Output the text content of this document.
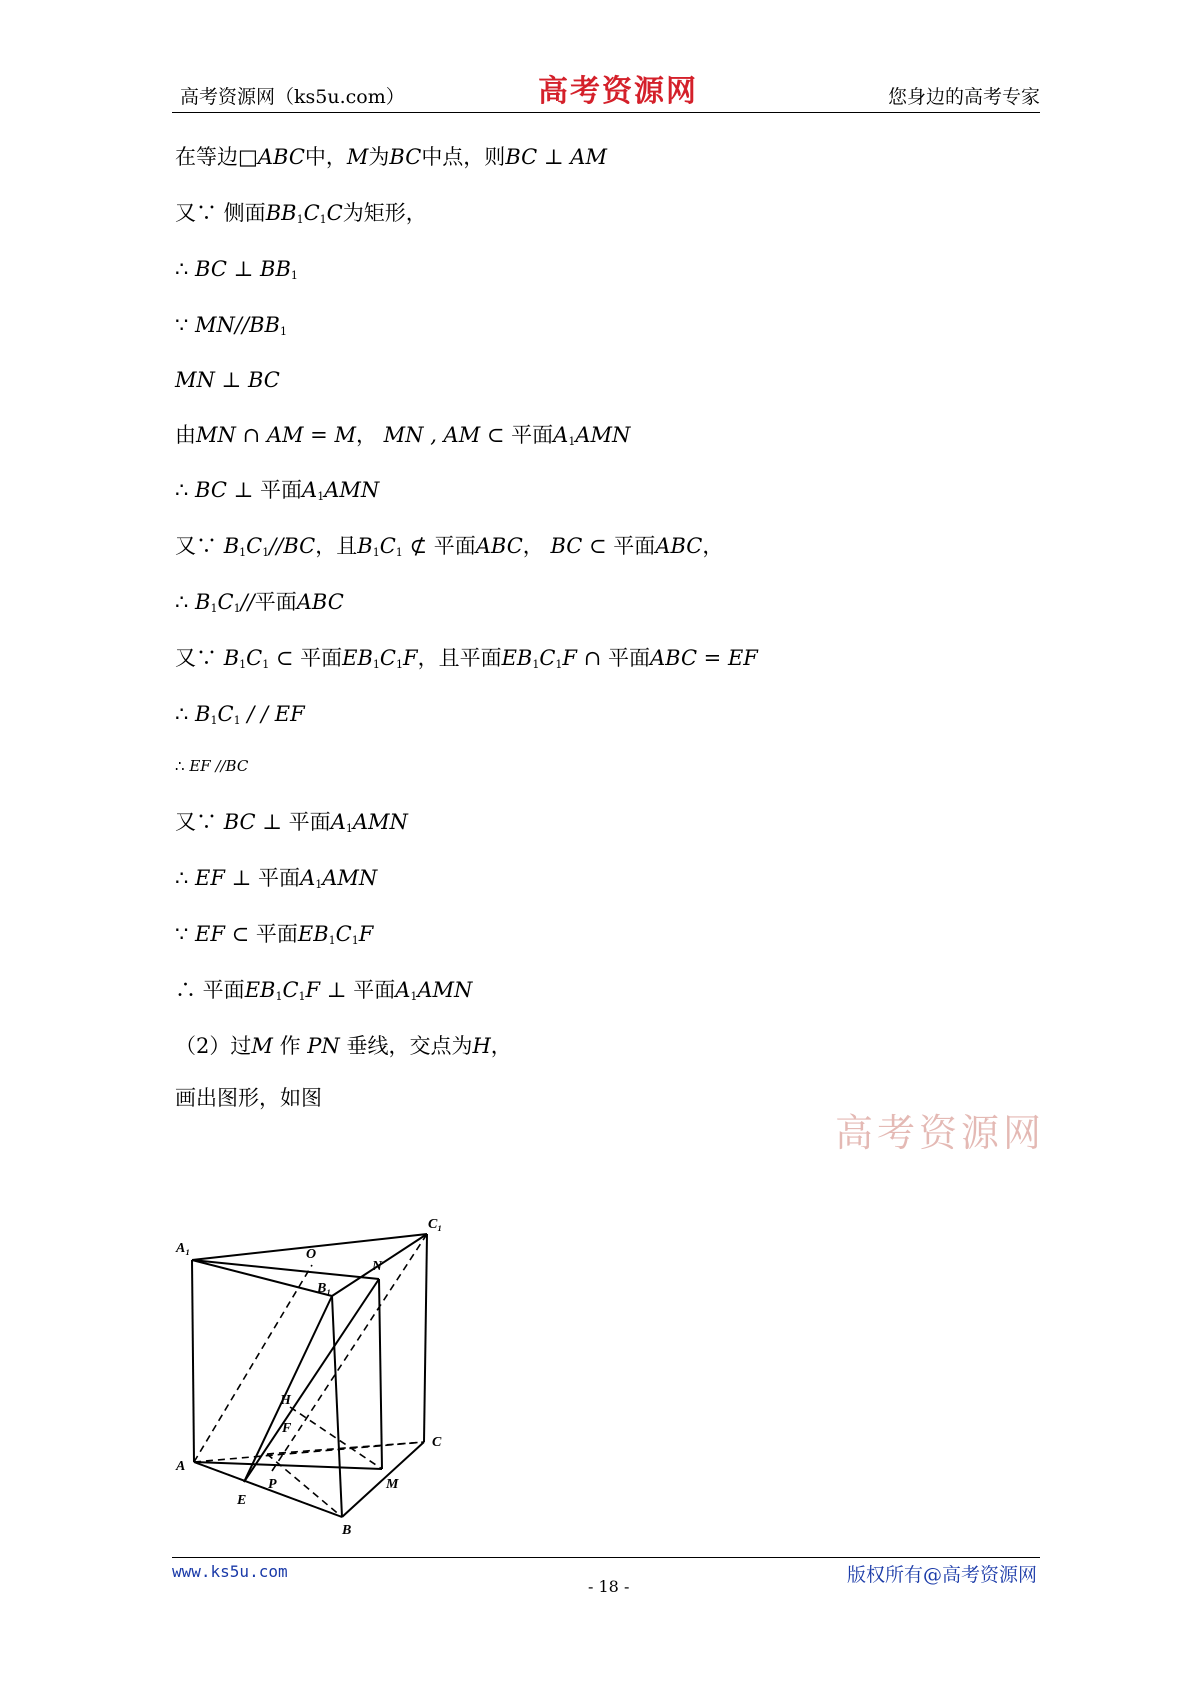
高考资源网（ks5u.com）	高考资源网	您身边的高考专家
在等边□ABC中，M为BC中点，则BC ⊥ AM
又∵ 侧面$BB_1C_1C$为矩形，
∴ BC ⊥ $BB_1$
∵ $MN//BB_1$
MN ⊥ BC
由MN ∩ AM = M， MN , AM ⊂ 平面$A_1AMN$
∴ BC ⊥ 平面$A_1AMN$
又∵ $B_1C_1//BC$，且$B_1C_1$ ⊄ 平面ABC， BC ⊂ 平面ABC，
∴ $B_1C_1//$平面ABC
又∵ $B_1C_1$ ⊂ 平面$EB_1C_1F$，且平面$EB_1C_1F$ ∩ 平面ABC = EF
∴ $B_1C_1$ / / EF
∴ EF //BC
又∵ BC ⊥ 平面$A_1AMN$
∴ EF ⊥ 平面$A_1AMN$
∵ EF ⊂ 平面$EB_1C_1F$
∴ 平面$EB_1C_1F$ ⊥ 平面$A_1AMN$
（2）过M 作 PN 垂线，交点为H，
画出图形，如图
高考资源网
A₁
C₁
O
N
B₁
H
F
C
A
P	M
E
B
www.ks5u.com
- 18 -
版权所有@高考资源网
